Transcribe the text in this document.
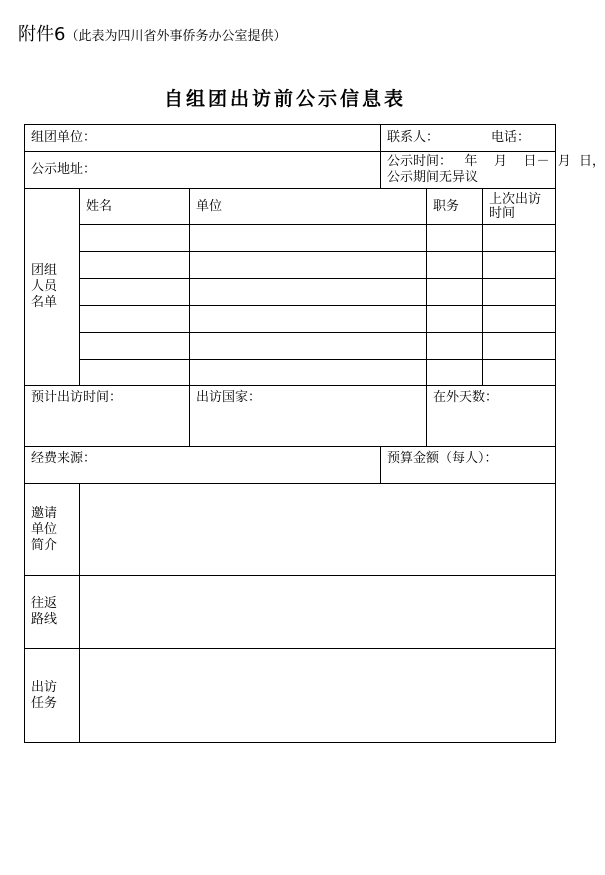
附件6（此表为四川省外事侨务办公室提供）
自组团出访前公示信息表
组团单位：			联系人： 电话：		
公示地址：			公示时间：   年    月    日－  月  日，
公示期间无异议		

团组
人员
名单	姓名	单位		职务	上次出访时间

预计出访时间：		出访国家：		在外天数：	
经费来源：			预算金额（每人）：		

邀请
单位
简介					

往返
路线					

出访
任务					
